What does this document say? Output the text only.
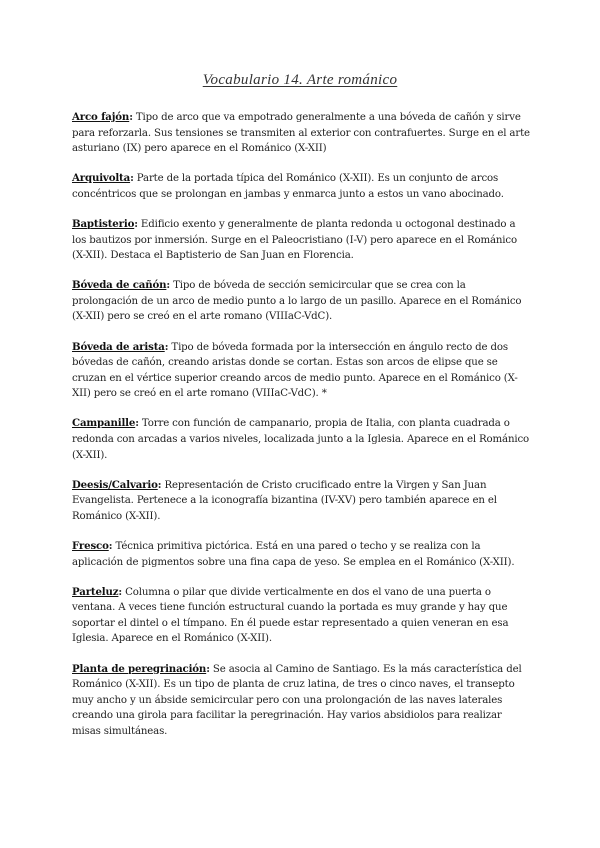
Vocabulario 14. Arte románico

Arco fajón: Tipo de arco que va empotrado generalmente a una bóveda de cañón y sirve para reforzarla. Sus tensiones se transmiten al exterior con contrafuertes. Surge en el arte asturiano (IX) pero aparece en el Románico (X-XII)

Arquivolta: Parte de la portada típica del Románico (X-XII). Es un conjunto de arcos concéntricos que se prolongan en jambas y enmarca junto a estos un vano abocinado.

Baptisterio: Edificio exento y generalmente de planta redonda u octogonal destinado a los bautizos por inmersión. Surge en el Paleocristiano (I-V) pero aparece en el Románico (X-XII). Destaca el Baptisterio de San Juan en Florencia.

Bóveda de cañón: Tipo de bóveda de sección semicircular que se crea con la prolongación de un arco de medio punto a lo largo de un pasillo. Aparece en el Románico (X-XII) pero se creó en el arte romano (VIIIaC-VdC).

Bóveda de arista: Tipo de bóveda formada por la intersección en ángulo recto de dos bóvedas de cañón, creando aristas donde se cortan. Estas son arcos de elipse que se cruzan en el vértice superior creando arcos de medio punto. Aparece en el Románico (X-XII) pero se creó en el arte romano (VIIIaC-VdC). *

Campanille: Torre con función de campanario, propia de Italia, con planta cuadrada o redonda con arcadas a varios niveles, localizada junto a la Iglesia. Aparece en el Románico (X-XII).

Deesis/Calvario: Representación de Cristo crucificado entre la Virgen y San Juan Evangelista. Pertenece a la iconografía bizantina (IV-XV) pero también aparece en el Románico (X-XII).

Fresco: Técnica primitiva pictórica. Está en una pared o techo y se realiza con la aplicación de pigmentos sobre una fina capa de yeso. Se emplea en el Románico (X-XII).

Parteluz: Columna o pilar que divide verticalmente en dos el vano de una puerta o ventana. A veces tiene función estructural cuando la portada es muy grande y hay que soportar el dintel o el tímpano. En él puede estar representado a quien veneran en esa Iglesia. Aparece en el Románico (X-XII).

Planta de peregrinación: Se asocia al Camino de Santiago. Es la más característica del Románico (X-XII). Es un tipo de planta de cruz latina, de tres o cinco naves, el transepto muy ancho y un ábside semicircular pero con una prolongación de las naves laterales creando una girola para facilitar la peregrinación. Hay varios absidiolos para realizar misas simultáneas.
